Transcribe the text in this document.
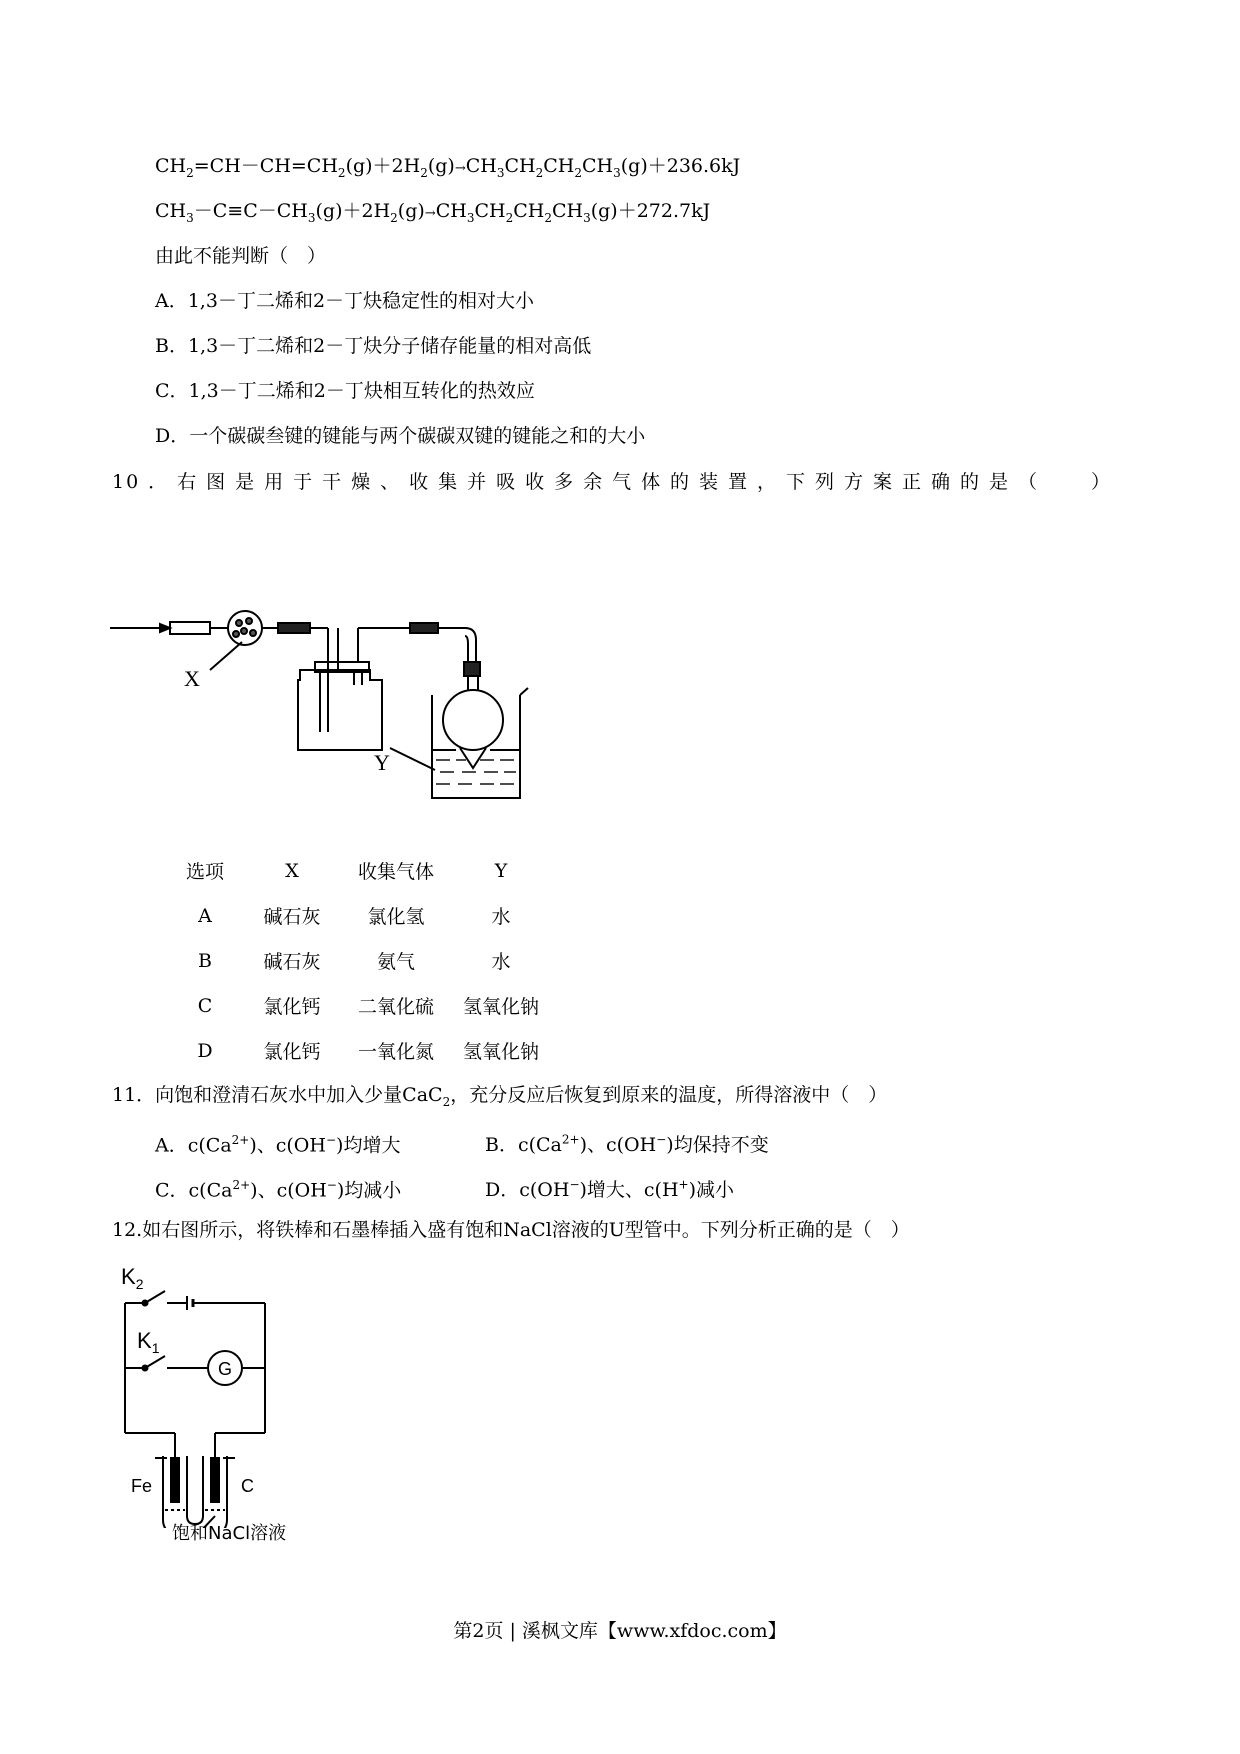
$CH_2=CH-CH=CH_2(g)+2H_2(g)\to CH_3CH_2CH_2CH_3(g)+236.6kJ$
$CH_3-C\equiv C-CH_3(g)+2H_2(g)\to CH_3CH_2CH_2CH_3(g)+272.7kJ$
由此不能判断（　）
A．1,3－丁二烯和2－丁炔稳定性的相对大小
B．1,3－丁二烯和2－丁炔分子储存能量的相对高低
C．1,3－丁二烯和2－丁炔相互转化的热效应
D．一个碳碳叁键的键能与两个碳碳双键的键能之和的大小
10．右图是用于干燥、收集并吸收多余气体的装置，下列方案正确的是（ ）
X
Y
选项	X	收集气体	Y
A	碱石灰	氯化氢	水
B	碱石灰	氨气	水
C	氯化钙	二氧化硫	氢氧化钠
D	氯化钙	一氧化氮	氢氧化钠
11．向饱和澄清石灰水中加入少量CaC$_2$，充分反应后恢复到原来的温度，所得溶液中（　）
A．$c(Ca^{2+})$、c(OH−)均增大	B．$c(Ca^{2+})$、c(OH−)均保持不变
C．$c(Ca^{2+})$、c(OH−)均减小	D．c(OH−)增大、c(H+)减小
12.如右图所示，将铁棒和石墨棒插入盛有饱和NaCl溶液的U型管中。下列分析正确的是（　）
$K_2$
$K_1$
G
Fe	C
饱和NaCl溶液
第2页 | 溪枫文库【www.xfdoc.com】
